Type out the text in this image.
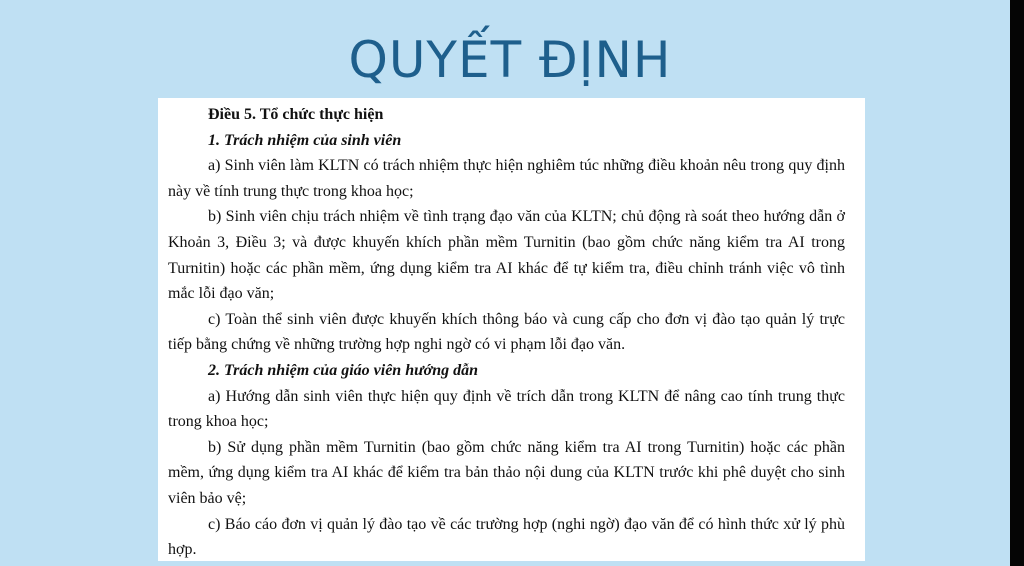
QUYẾT ĐỊNH

Điều 5. Tổ chức thực hiện

1. Trách nhiệm của sinh viên

a) Sinh viên làm KLTN có trách nhiệm thực hiện nghiêm túc những điều khoản nêu trong quy định này về tính trung thực trong khoa học;

b) Sinh viên chịu trách nhiệm về tình trạng đạo văn của KLTN; chủ động rà soát theo hướng dẫn ở Khoản 3, Điều 3; và được khuyến khích phần mềm Turnitin (bao gồm chức năng kiểm tra AI trong Turnitin) hoặc các phần mềm, ứng dụng kiểm tra AI khác để tự kiểm tra, điều chỉnh tránh việc vô tình mắc lỗi đạo văn;

c) Toàn thể sinh viên được khuyến khích thông báo và cung cấp cho đơn vị đào tạo quản lý trực tiếp bằng chứng về những trường hợp nghi ngờ có vi phạm lỗi đạo văn.

2. Trách nhiệm của giáo viên hướng dẫn

a) Hướng dẫn sinh viên thực hiện quy định về trích dẫn trong KLTN để nâng cao tính trung thực trong khoa học;

b) Sử dụng phần mềm Turnitin (bao gồm chức năng kiểm tra AI trong Turnitin) hoặc các phần mềm, ứng dụng kiểm tra AI khác để kiểm tra bản thảo nội dung của KLTN trước khi phê duyệt cho sinh viên bảo vệ;

c) Báo cáo đơn vị quản lý đào tạo về các trường hợp (nghi ngờ) đạo văn để có hình thức xử lý phù hợp.
